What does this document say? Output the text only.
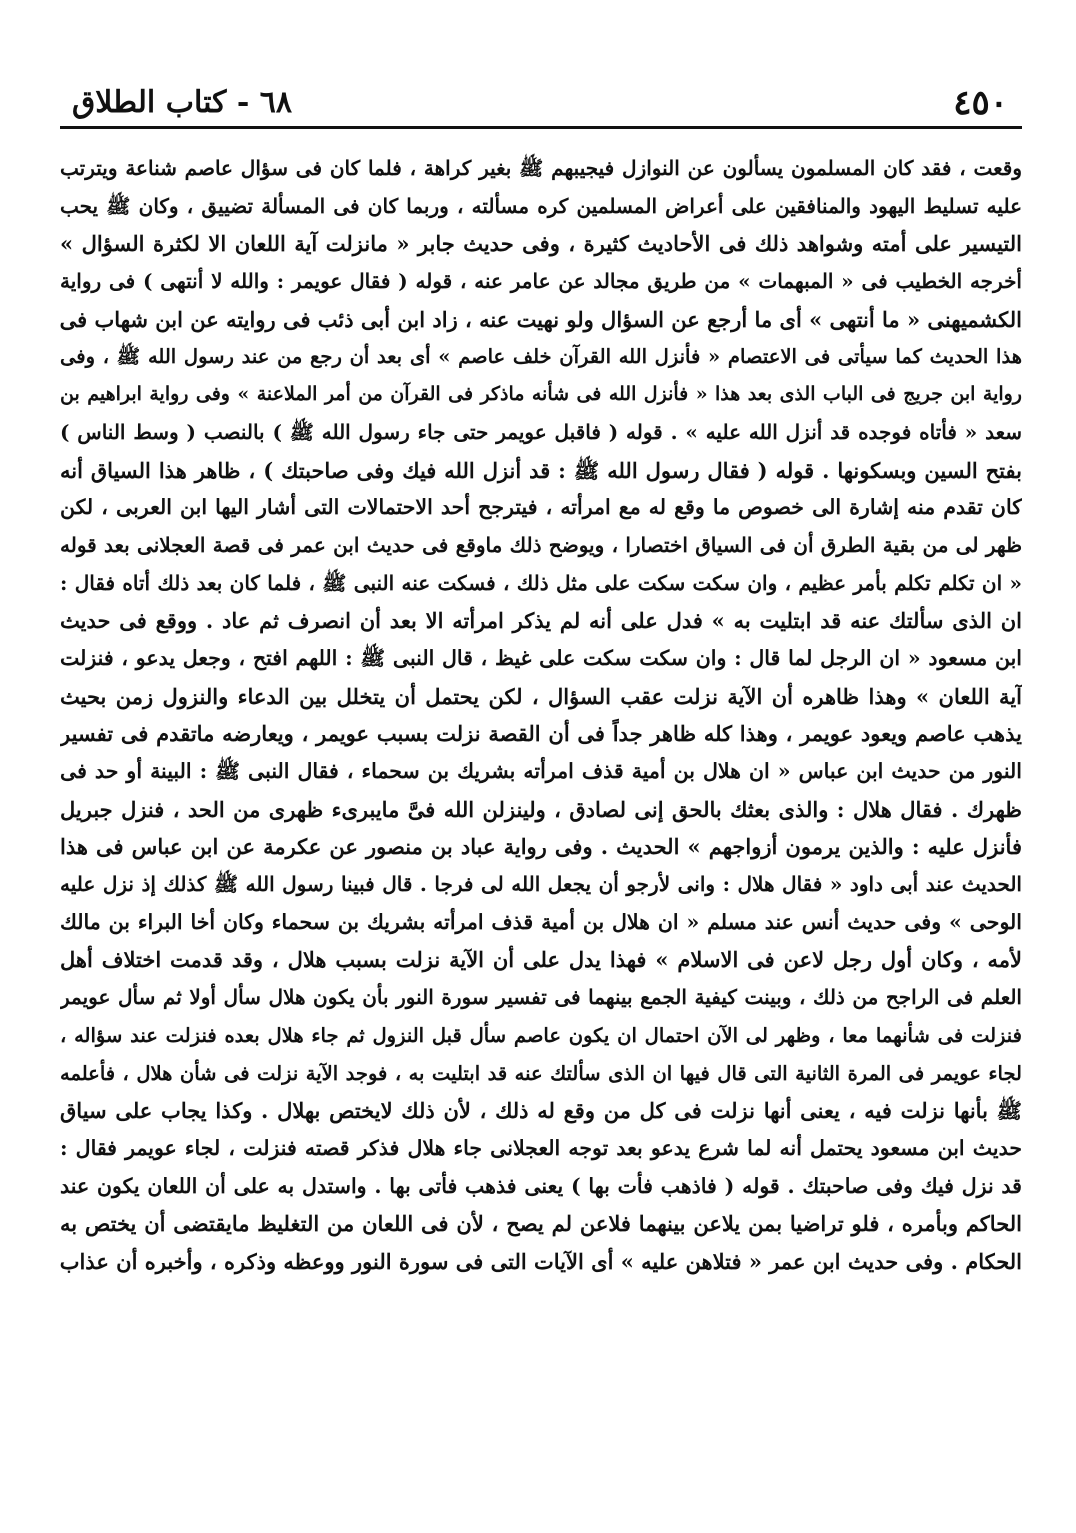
٤٥٠
٦٨ - كتاب الطلاق
وقعت ، فقد كان المسلمون يسألون عن النوازل فيجيبهم ﷺ بغير كراهة ، فلما كان فى سؤال عاصم شناعة ويترتب
عليه تسليط اليهود والمنافقين على أعراض المسلمين كره مسألته ، وربما كان فى المسألة تضييق ، وكان ﷺ يحب
التيسير على أمته وشواهد ذلك فى الأحاديث كثيرة ، وفى حديث جابر « مانزلت آية اللعان الا لكثرة السؤال »
أخرجه الخطيب فى « المبهمات » من طريق مجالد عن عامر عنه ، قوله ( فقال عويمر : والله لا أنتهى ) فى رواية
الكشميهنى « ما أنتهى » أى ما أرجع عن السؤال ولو نهيت عنه ، زاد ابن أبى ذئب فى روايته عن ابن شهاب فى
هذا الحديث كما سيأتى فى الاعتصام « فأنزل الله القرآن خلف عاصم » أى بعد أن رجع من عند رسول الله ﷺ ، وفى
رواية ابن جريج فى الباب الذى بعد هذا « فأنزل الله فى شأنه ماذكر فى القرآن من أمر الملاعنة » وفى رواية ابراهيم بن
سعد « فأتاه فوجده قد أنزل الله عليه » . قوله ( فاقبل عويمر حتى جاء رسول الله ﷺ ) بالنصب ( وسط الناس )
بفتح السين وبسكونها . قوله ( فقال رسول الله ﷺ : قد أنزل الله فيك وفى صاحبتك ) ، ظاهر هذا السياق أنه
كان تقدم منه إشارة الى خصوص ما وقع له مع امرأته ، فيترجح أحد الاحتمالات التى أشار اليها ابن العربى ، لكن
ظهر لى من بقية الطرق أن فى السياق اختصارا ، ويوضح ذلك ماوقع فى حديث ابن عمر فى قصة العجلانى بعد قوله
« ان تكلم تكلم بأمر عظيم ، وان سكت سكت على مثل ذلك ، فسكت عنه النبى ﷺ ، فلما كان بعد ذلك أتاه فقال :
ان الذى سألتك عنه قد ابتليت به » فدل على أنه لم يذكر امرأته الا بعد أن انصرف ثم عاد . ووقع فى حديث
ابن مسعود « ان الرجل لما قال : وان سكت سكت على غيظ ، قال النبى ﷺ : اللهم افتح ، وجعل يدعو ، فنزلت
آية اللعان » وهذا ظاهره أن الآية نزلت عقب السؤال ، لكن يحتمل أن يتخلل بين الدعاء والنزول زمن بحيث
يذهب عاصم ويعود عويمر ، وهذا كله ظاهر جداً فى أن القصة نزلت بسبب عويمر ، ويعارضه ماتقدم فى تفسير
النور من حديث ابن عباس « ان هلال بن أمية قذف امرأته بشريك بن سحماء ، فقال النبى ﷺ : البينة أو حد فى
ظهرك . فقال هلال : والذى بعثك بالحق إنى لصادق ، ولينزلن الله فىَّ مايبرىء ظهرى من الحد ، فنزل جبريل
فأنزل عليه : والذين يرمون أزواجهم » الحديث . وفى رواية عباد بن منصور عن عكرمة عن ابن عباس فى هذا
الحديث عند أبى داود « فقال هلال : وانى لأرجو أن يجعل الله لى فرجا . قال فبينا رسول الله ﷺ كذلك إذ نزل عليه
الوحى » وفى حديث أنس عند مسلم « ان هلال بن أمية قذف امرأته بشريك بن سحماء وكان أخا البراء بن مالك
لأمه ، وكان أول رجل لاعن فى الاسلام » فهذا يدل على أن الآية نزلت بسبب هلال ، وقد قدمت اختلاف أهل
العلم فى الراجح من ذلك ، وبينت كيفية الجمع بينهما فى تفسير سورة النور بأن يكون هلال سأل أولا ثم سأل عويمر
فنزلت فى شأنهما معا ، وظهر لى الآن احتمال ان يكون عاصم سأل قبل النزول ثم جاء هلال بعده فنزلت عند سؤاله ،
لجاء عويمر فى المرة الثانية التى قال فيها ان الذى سألتك عنه قد ابتليت به ، فوجد الآية نزلت فى شأن هلال ، فأعلمه
ﷺ بأنها نزلت فيه ، يعنى أنها نزلت فى كل من وقع له ذلك ، لأن ذلك لايختص بهلال . وكذا يجاب على سياق
حديث ابن مسعود يحتمل أنه لما شرع يدعو بعد توجه العجلانى جاء هلال فذكر قصته فنزلت ، لجاء عويمر فقال :
قد نزل فيك وفى صاحبتك . قوله ( فاذهب فأت بها ) يعنى فذهب فأتى بها . واستدل به على أن اللعان يكون عند
الحاكم وبأمره ، فلو تراضيا بمن يلاعن بينهما فلاعن لم يصح ، لأن فى اللعان من التغليظ مايقتضى أن يختص به
الحكام . وفى حديث ابن عمر « فتلاهن عليه » أى الآيات التى فى سورة النور ووعظه وذكره ، وأخبره أن عذاب
